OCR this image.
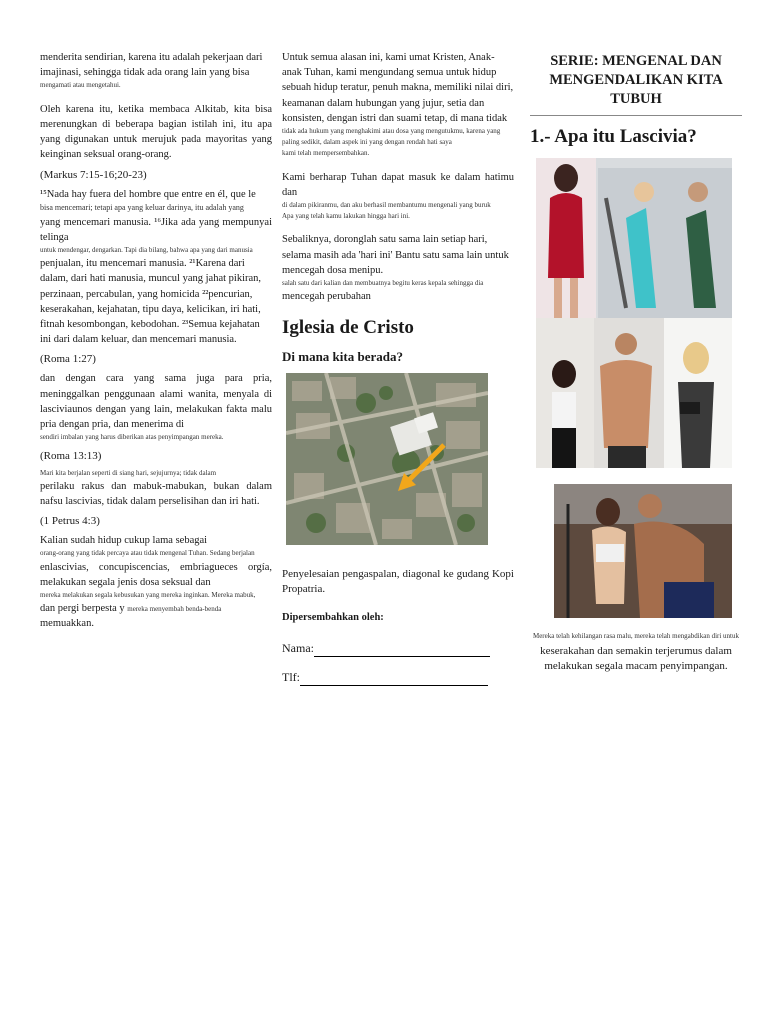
menderita sendirian, karena itu adalah pekerjaan dari

imajinasi, sehingga tidak ada orang lain yang bisa

mengamati atau mengetahui.

Oleh karena itu, ketika membaca Alkitab, kita bisa merenungkan di beberapa bagian istilah ini, itu apa yang digunakan untuk merujuk pada mayoritas yang keinginan seksual orang-orang.

(Markus 7:15-16;20-23)

¹⁵Nada hay fuera del hombre que entre en él, que le

bisa mencemari; tetapi apa yang keluar darinya, itu adalah yang

yang mencemari manusia. ¹⁶Jika ada yang mempunyai telinga

untuk mendengar, dengarkan. Tapi dia bilang, bahwa apa yang dari manusia

penjualan, itu mencemari manusia. ²¹Karena dari dalam, dari hati manusia, muncul yang jahat pikiran, perzinaan, percabulan, yang homicida ²²pencurian, keserakahan, kejahatan, tipu daya, kelicikan, iri hati, fitnah kesombongan, kebodohan. ²³Semua kejahatan ini dari dalam keluar, dan mencemari manusia.

(Roma 1:27)

dan dengan cara yang sama juga para pria, meninggalkan penggunaan alami wanita, menyala di lasciviaunos dengan yang lain, melakukan fakta malu pria dengan pria, dan menerima di

sendiri imbalan yang harus diberikan atas penyimpangan mereka.

(Roma 13:13)

Mari kita berjalan seperti di siang hari, sejujurnya; tidak dalam

perilaku rakus dan mabuk-mabukan, bukan dalam nafsu lascivias, tidak dalam perselisihan dan iri hati.

(1 Petrus 4:3)

Kalian sudah hidup cukup lama sebagai

orang-orang yang tidak percaya atau tidak mengenal Tuhan. Sedang berjalan

enlascivias, concupiscencias, embriagueces orgía, melakukan segala jenis dosa seksual dan

mereka melakukan segala kebusukan yang mereka inginkan. Mereka mabuk,

dan pergi berpesta y mereka menyembah benda-benda

memuakkan.

Untuk semua alasan ini, kami umat Kristen, Anak-anak Tuhan, kami mengundang semua untuk hidup sebuah hidup teratur, penuh makna, memiliki nilai diri, keamanan dalam hubungan yang jujur, setia dan konsisten, dengan istri dan suami tetap, di mana tidak

tidak ada hukum yang menghakimi atau dosa yang mengutukmu, karena yang paling sedikit, dalam aspek ini yang dengan rendah hati saya

kami telah mempersembahkan.

Kami berharap Tuhan dapat masuk ke dalam hatimu dan

di dalam pikiranmu, dan aku berhasil membantumu mengenali yang buruk

Apa yang telah kamu lakukan hingga hari ini.

Sebaliknya, doronglah satu sama lain setiap hari, selama masih ada 'hari ini' Bantu satu sama lain untuk mencegah dosa menipu.

salah satu dari kalian dan membuatnya begitu keras kepala sehingga dia

mencegah perubahan

Iglesia de Cristo

Di mana kita berada?

Penyelesaian pengaspalan, diagonal ke gudang Kopi Propatria.

Dipersembahkan oleh:

Nama:

Tlf:

SERIE: MENGENAL DAN MENGENDALIKAN KITA TUBUH

1.- Apa itu Lascivia?

Mereka telah kehilangan rasa malu, mereka telah mengabdikan diri untuk

keserakahan dan semakin terjerumus dalam melakukan segala macam penyimpangan.
